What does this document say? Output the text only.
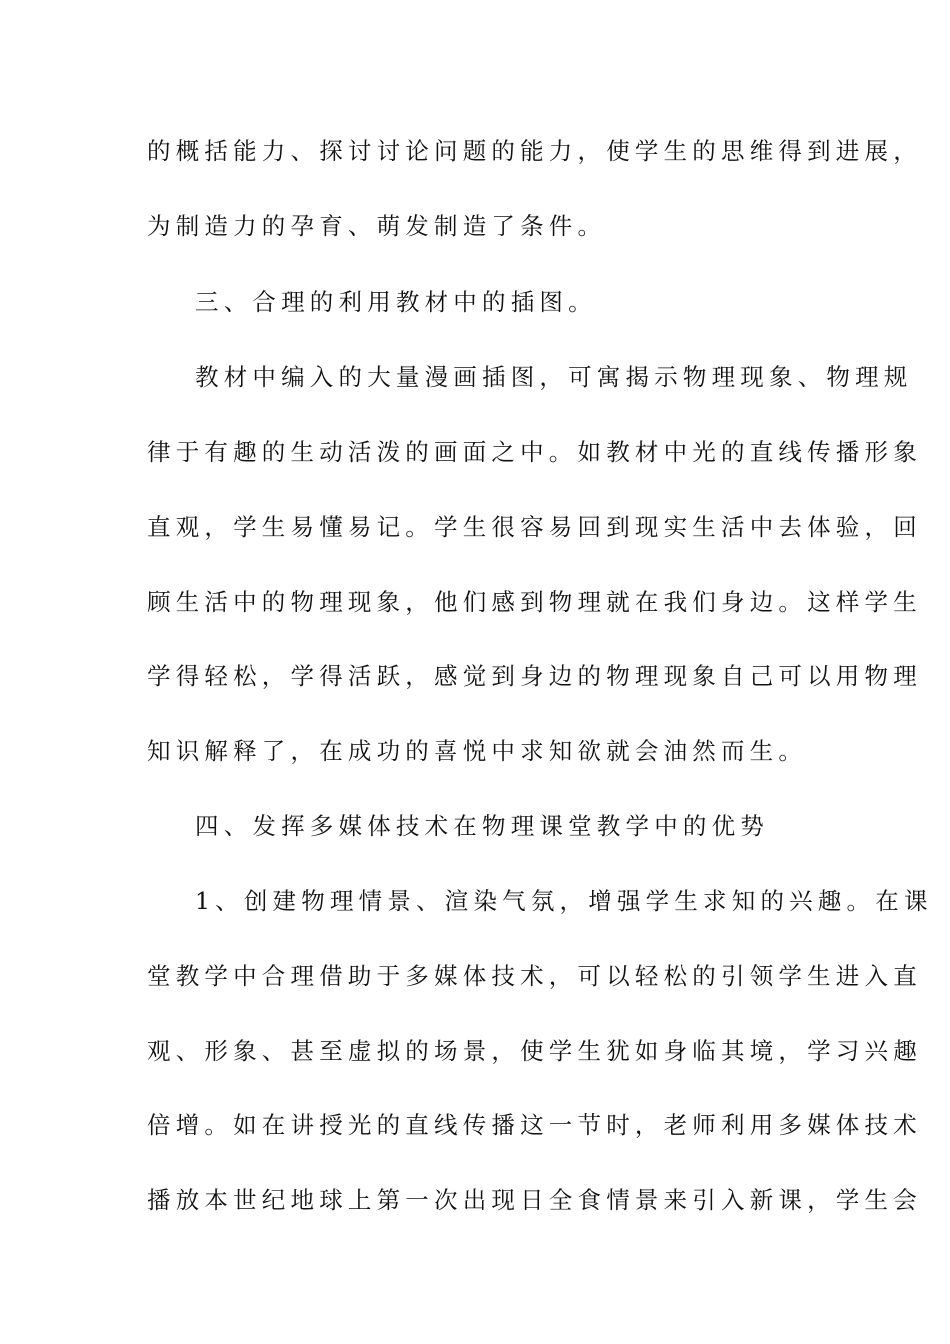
的概括能力、探讨讨论问题的能力，使学生的思维得到进展，
为制造力的孕育、萌发制造了条件。
三、合理的利用教材中的插图。
教材中编入的大量漫画插图，可寓揭示物理现象、物理规
律于有趣的生动活泼的画面之中。如教材中光的直线传播形象
直观，学生易懂易记。学生很容易回到现实生活中去体验，回
顾生活中的物理现象，他们感到物理就在我们身边。这样学生
学得轻松，学得活跃，感觉到身边的物理现象自己可以用物理
知识解释了，在成功的喜悦中求知欲就会油然而生。
四、发挥多媒体技术在物理课堂教学中的优势
1、创建物理情景、渲染气氛，增强学生求知的兴趣。在课
堂教学中合理借助于多媒体技术，可以轻松的引领学生进入直
观、形象、甚至虚拟的场景，使学生犹如身临其境，学习兴趣
倍增。如在讲授光的直线传播这一节时，老师利用多媒体技术
播放本世纪地球上第一次出现日全食情景来引入新课，学生会
